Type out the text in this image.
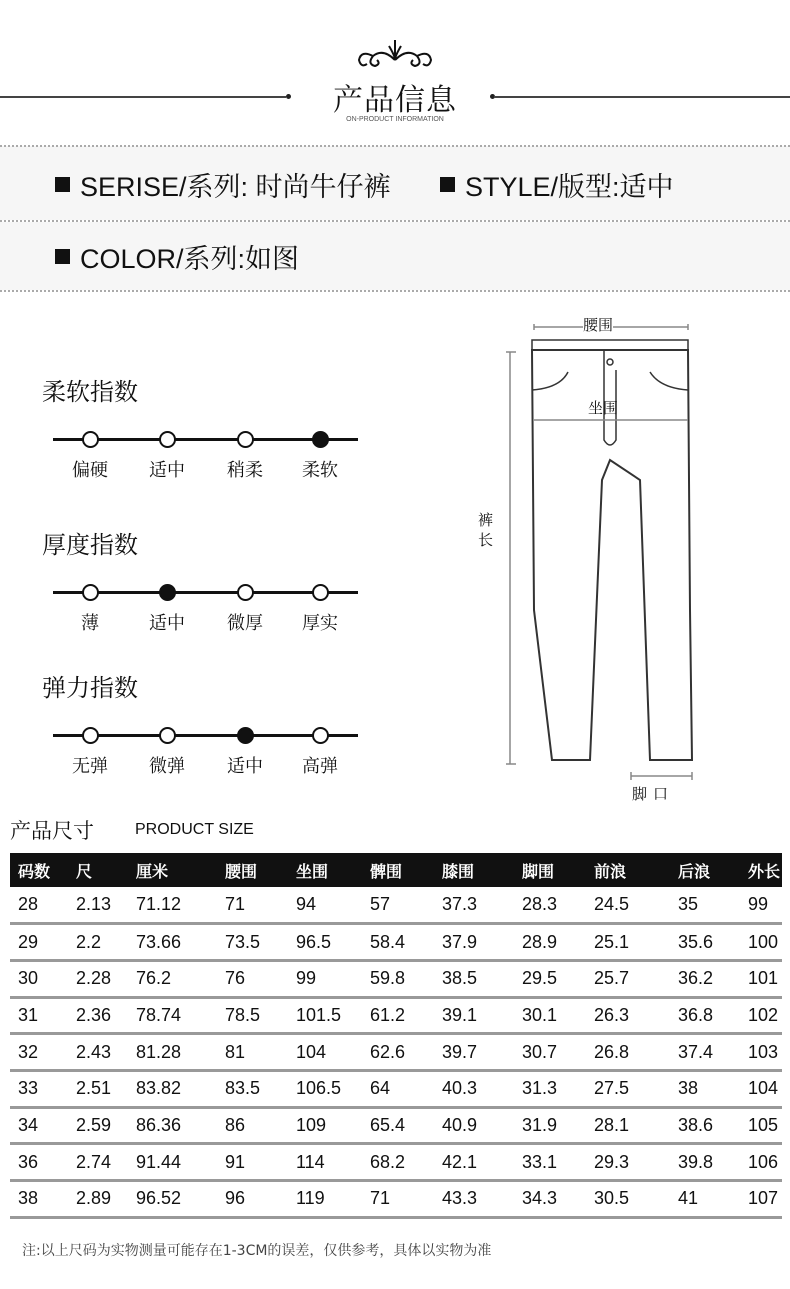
产品信息
ON-PRODUCT INFORMATION
SERISE/系列: 时尚牛仔裤	STYLE/版型:适中
COLOR/系列:如图
柔软指数
偏硬	适中	稍柔	柔软
厚度指数
薄	适中	微厚	厚实
弹力指数
无弹	微弹	适中	高弹
腰围
坐围
裤长
脚口
产品尺寸	PRODUCT SIZE
码数	尺	厘米	腰围	坐围	髀围	膝围	脚围	前浪	后浪	外长
28	2.13	71.12	71	94	57	37.3	28.3	24.5	35	99
29	2.2	73.66	73.5	96.5	58.4	37.9	28.9	25.1	35.6	100
30	2.28	76.2	76	99	59.8	38.5	29.5	25.7	36.2	101
31	2.36	78.74	78.5	101.5	61.2	39.1	30.1	26.3	36.8	102
32	2.43	81.28	81	104	62.6	39.7	30.7	26.8	37.4	103
33	2.51	83.82	83.5	106.5	64	40.3	31.3	27.5	38	104
34	2.59	86.36	86	109	65.4	40.9	31.9	28.1	38.6	105
36	2.74	91.44	91	114	68.2	42.1	33.1	29.3	39.8	106
38	2.89	96.52	96	119	71	43.3	34.3	30.5	41	107
注:以上尺码为实物测量可能存在1-3CM的误差，仅供参考，具体以实物为准
